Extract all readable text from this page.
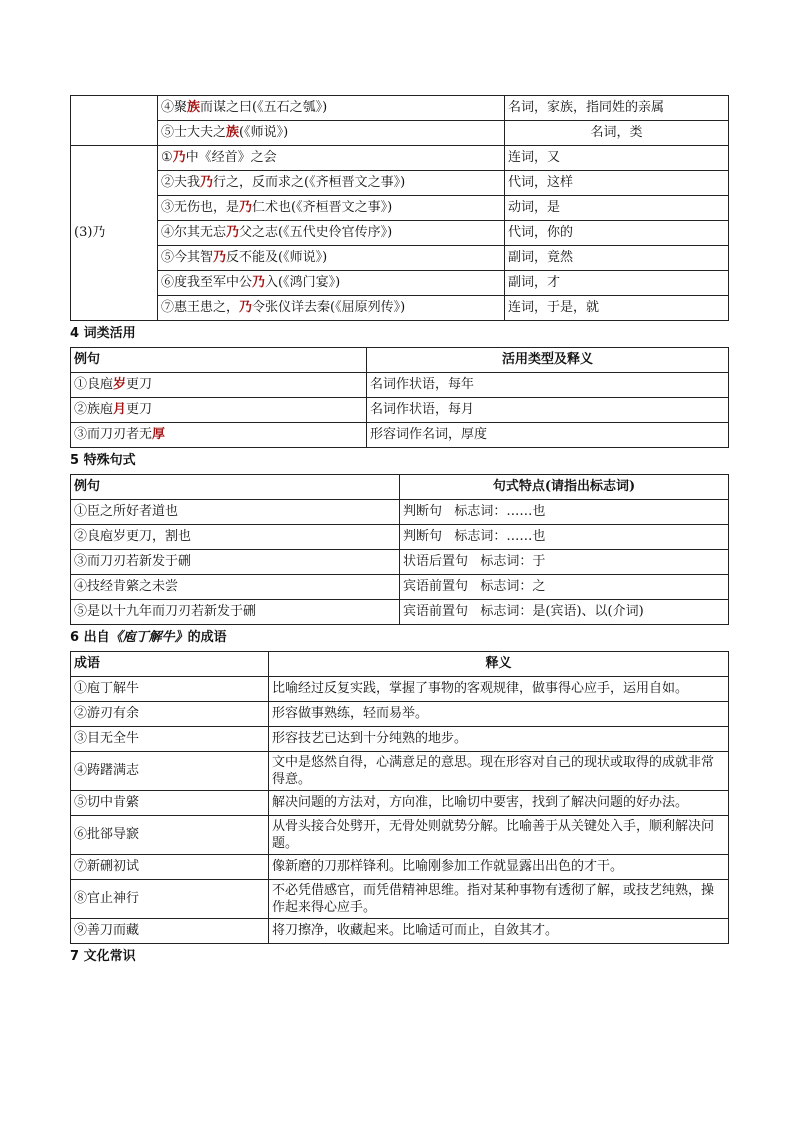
	④聚族而谋之曰(《五石之瓠》)	名词，家族，指同姓的亲属
	⑤士大夫之族(《师说》)	名词，类
(3)乃	①乃中《经首》之会	连词，又
	②夫我乃行之，反而求之(《齐桓晋文之事》)	代词，这样
	③无伤也，是乃仁术也(《齐桓晋文之事》)	动词，是
	④尔其无忘乃父之志(《五代史伶官传序》)	代词，你的
	⑤今其智乃反不能及(《师说》)	副词，竟然
	⑥度我至军中公乃入(《鸿门宴》)	副词，才
	⑦惠王患之，乃令张仪详去秦(《屈原列传》)	连词，于是，就
4 词类活用
例句	活用类型及释义
①良庖岁更刀	名词作状语，每年
②族庖月更刀	名词作状语，每月
③而刀刃者无厚	形容词作名词，厚度
5 特殊句式
例句	句式特点(请指出标志词)
①臣之所好者道也	判断句   标志词：……也
②良庖岁更刀，割也	判断句   标志词：……也
③而刀刃若新发于硎	状语后置句   标志词：于
④技经肯綮之未尝	宾语前置句   标志词：之
⑤是以十九年而刀刃若新发于硎	宾语前置句   标志词：是(宾语)、以(介词)
6 出自《庖丁解牛》的成语
成语	释义
①庖丁解牛	比喻经过反复实践，掌握了事物的客观规律，做事得心应手，运用自如。
②游刃有余	形容做事熟练，轻而易举。
③目无全牛	形容技艺已达到十分纯熟的地步。
④踌躇满志	文中是悠然自得，心满意足的意思。现在形容对自己的现状或取得的成就非常得意。
⑤切中肯綮	解决问题的方法对，方向准，比喻切中要害，找到了解决问题的好办法。
⑥批郤导窾	从骨头接合处劈开，无骨处则就势分解。比喻善于从关键处入手，顺利解决问题。
⑦新硎初试	像新磨的刀那样锋利。比喻刚参加工作就显露出出色的才干。
⑧官止神行	不必凭借感官，而凭借精神思维。指对某种事物有透彻了解，或技艺纯熟，操作起来得心应手。
⑨善刀而藏	将刀擦净，收藏起来。比喻适可而止，自敛其才。
7 文化常识
